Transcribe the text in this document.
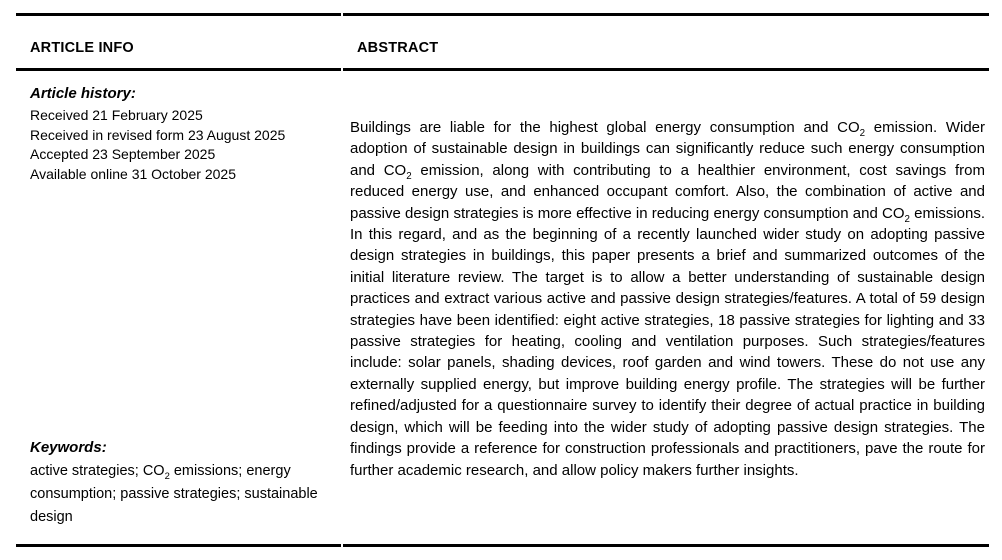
ARTICLE INFO
Article history:
Received 21 February 2025
Received in revised form 23 August 2025
Accepted 23 September 2025
Available online 31 October 2025
Keywords:
active strategies; $CO_2$ emissions; energy consumption; passive strategies; sustainable design
ABSTRACT

Buildings are liable for the highest global energy consumption and $CO_2$ emission. Wider adoption of sustainable design in buildings can significantly reduce such energy consumption and $CO_2$ emission, along with contributing to a healthier environment, cost savings from reduced energy use, and enhanced occupant comfort. Also, the combination of active and passive design strategies is more effective in reducing energy consumption and $CO_2$ emissions. In this regard, and as the beginning of a recently launched wider study on adopting passive design strategies in buildings, this paper presents a brief and summarized outcomes of the initial literature review. The target is to allow a better understanding of sustainable design practices and extract various active and passive design strategies/features. A total of 59 design strategies have been identified: eight active strategies, 18 passive strategies for lighting and 33 passive strategies for heating, cooling and ventilation purposes. Such strategies/features include: solar panels, shading devices, roof garden and wind towers. These do not use any externally supplied energy, but improve building energy profile. The strategies will be further refined/adjusted for a questionnaire survey to identify their degree of actual practice in building design, which will be feeding into the wider study of adopting passive design strategies. The findings provide a reference for construction professionals and practitioners, pave the route for further academic research, and allow policy makers further insights.
